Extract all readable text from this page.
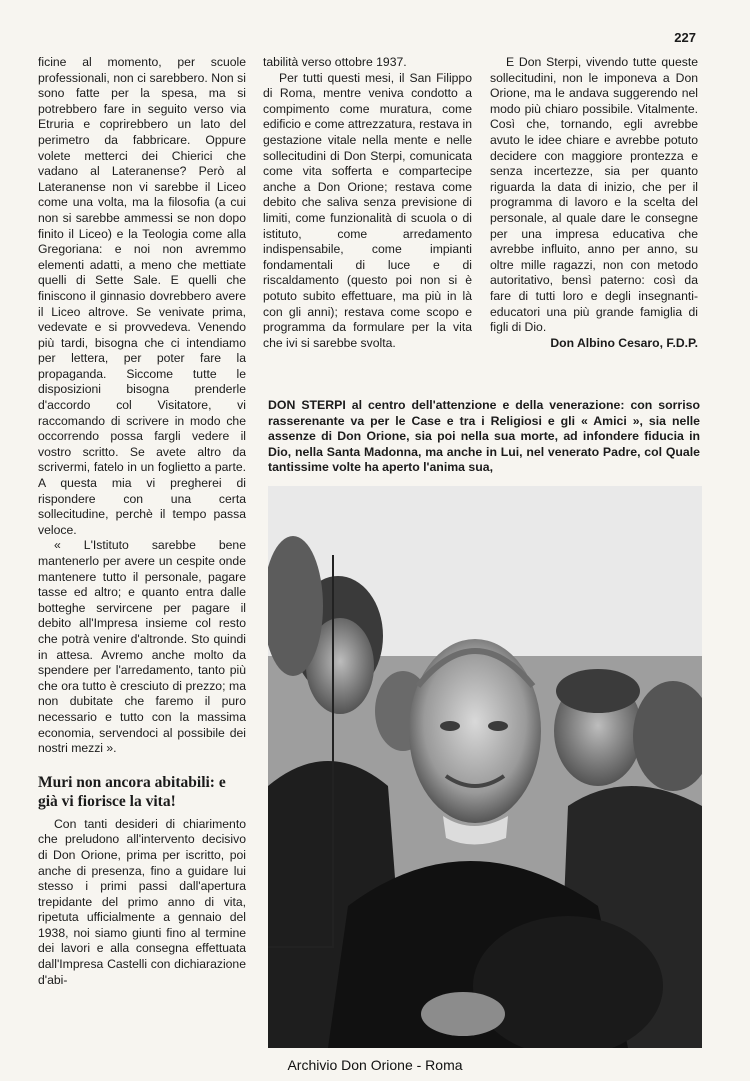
227

ficine al momento, per scuole professionali, non ci sarebbero. Non si sono fatte per la spesa, ma si potrebbero fare in seguito verso via Etruria e coprirebbero un lato del perimetro da fabbricare. Oppure volete metterci dei Chierici che vadano al Lateranense? Però al Lateranense non vi sarebbe il Liceo come una volta, ma la filosofia (a cui non si sarebbe ammessi se non dopo finito il Liceo) e la Teologia come alla Gregoriana: e noi non avremmo elementi adatti, a meno che mettiate quelli di Sette Sale. E quelli che finiscono il ginnasio dovrebbero avere il Liceo altrove. Se venivate prima, vedevate e si provvedeva. Venendo più tardi, bisogna che ci intendiamo per lettera, per poter fare la propaganda. Siccome tutte le disposizioni bisogna prenderle d'accordo col Visitatore, vi raccomando di scrivere in modo che occorrendo possa fargli vedere il vostro scritto. Se avete altro da scrivermi, fatelo in un foglietto a parte. A questa mia vi pregherei di rispondere con una certa sollecitudine, perchè il tempo passa veloce.

« L'Istituto sarebbe bene mantenerlo per avere un cespite onde mantenere tutto il personale, pagare tasse ed altro; e quanto entra dalle botteghe servircene per pagare il debito all'Impresa insieme col resto che potrà venire d'altronde. Sto quindi in attesa. Avremo anche molto da spendere per l'arredamento, tanto più che ora tutto è cresciuto di prezzo; ma non dubitate che faremo il puro necessario e tutto con la massima economia, servendoci al possibile dei nostri mezzi ».

Muri non ancora abitabili: e già vi fiorisce la vita!

Con tanti desideri di chiarimento che preludono all'intervento decisivo di Don Orione, prima per iscritto, poi anche di presenza, fino a guidare lui stesso i primi passi dall'apertura trepidante del primo anno di vita, ripetuta ufficialmente a gennaio del 1938, noi siamo giunti fino al termine dei lavori e alla consegna effettuata dall'Impresa Castelli con dichiarazione d'abi-

tabilità verso ottobre 1937.

Per tutti questi mesi, il San Filippo di Roma, mentre veniva condotto a compimento come muratura, come edificio e come attrezzatura, restava in gestazione vitale nella mente e nelle sollecitudini di Don Sterpi, comunicata come vita sofferta e compartecipe anche a Don Orione; restava come debito che saliva senza previsione di limiti, come funzionalità di scuola o di istituto, come arredamento indispensabile, come impianti fondamentali di luce e di riscaldamento (questo poi non si è potuto subito effettuare, ma più in là con gli anni); restava come scopo e programma da formulare per la vita che ivi si sarebbe svolta.

E Don Sterpi, vivendo tutte queste sollecitudini, non le imponeva a Don Orione, ma le andava suggerendo nel modo più chiaro possibile. Vitalmente. Così che, tornando, egli avrebbe avuto le idee chiare e avrebbe potuto decidere con maggiore prontezza e senza incertezze, sia per quanto riguarda la data di inizio, che per il programma di lavoro e la scelta del personale, al quale dare le consegne per una impresa educativa che avrebbe influito, anno per anno, su oltre mille ragazzi, non con metodo autoritativo, bensì paterno: così da fare di tutti loro e degli insegnanti-educatori una più grande famiglia di figli di Dio.

Don Albino Cesaro, F.D.P.

DON STERPI al centro dell'attenzione e della venerazione: con sorriso rasserenante va per le Case e tra i Religiosi e gli « Amici », sia nelle assenze di Don Orione, sia poi nella sua morte, ad infondere fiducia in Dio, nella Santa Madonna, ma anche in Lui, nel venerato Padre, col Quale tantissime volte ha aperto l'anima sua,
Archivio Don Orione - Roma
